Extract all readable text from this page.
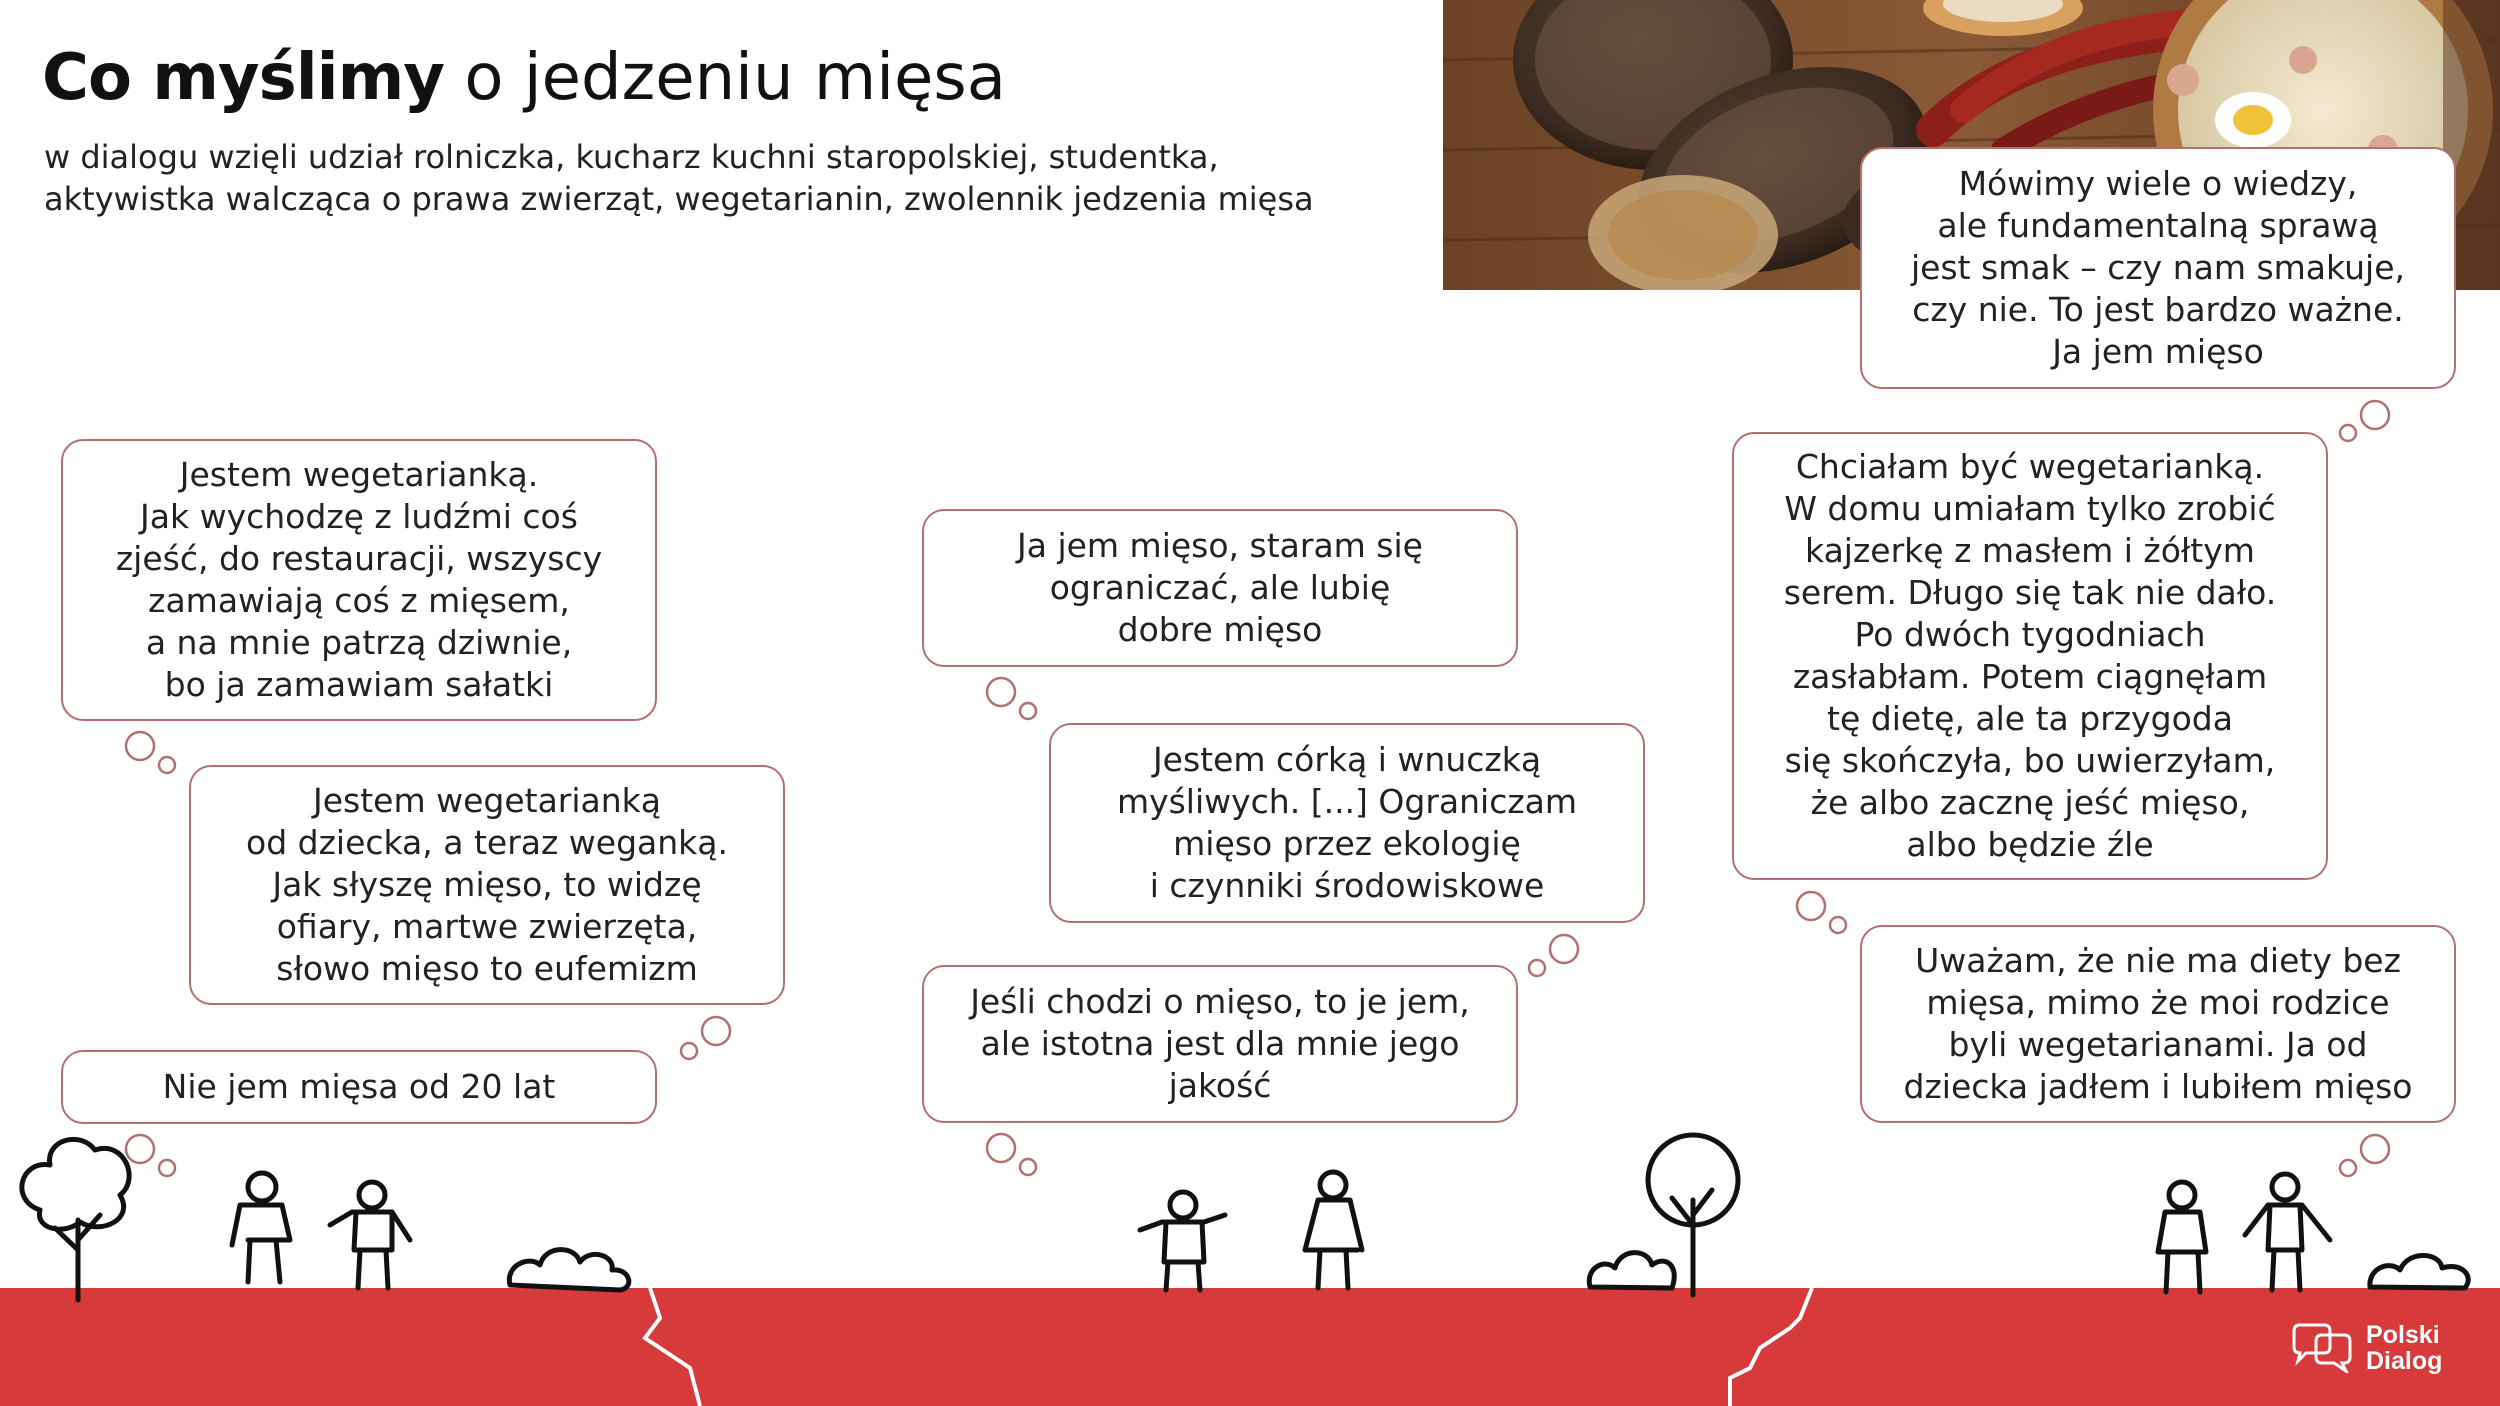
Co myślimy o jedzeniu mięsa
w dialogu wzięli udział rolniczka, kucharz kuchni staropolskiej, studentka,
aktywistka walcząca o prawa zwierząt, wegetarianin, zwolennik jedzenia mięsa
Jestem wegetarianką.
Jak wychodzę z ludźmi coś
zjeść, do restauracji, wszyscy
zamawiają coś z mięsem,
a na mnie patrzą dziwnie,
bo ja zamawiam sałatki
Jestem wegetarianką
od dziecka, a teraz weganką.
Jak słyszę mięso, to widzę
ofiary, martwe zwierzęta,
słowo mięso to eufemizm
Nie jem mięsa od 20 lat
Ja jem mięso, staram się
ograniczać, ale lubię
dobre mięso
Jestem córką i wnuczką
myśliwych. [...] Ograniczam
mięso przez ekologię
i czynniki środowiskowe
Jeśli chodzi o mięso, to je jem,
ale istotna jest dla mnie jego
jakość
Mówimy wiele o wiedzy,
ale fundamentalną sprawą
jest smak – czy nam smakuje,
czy nie. To jest bardzo ważne.
Ja jem mięso
Chciałam być wegetarianką.
W domu umiałam tylko zrobić
kajzerkę z masłem i żółtym
serem. Długo się tak nie dało.
Po dwóch tygodniach
zasłabłam. Potem ciągnęłam
tę dietę, ale ta przygoda
się skończyła, bo uwierzyłam,
że albo zacznę jeść mięso,
albo będzie źle
Uważam, że nie ma diety bez
mięsa, mimo że moi rodzice
byli wegetarianami. Ja od
dziecka jadłem i lubiłem mięso
Polski
Dialog
